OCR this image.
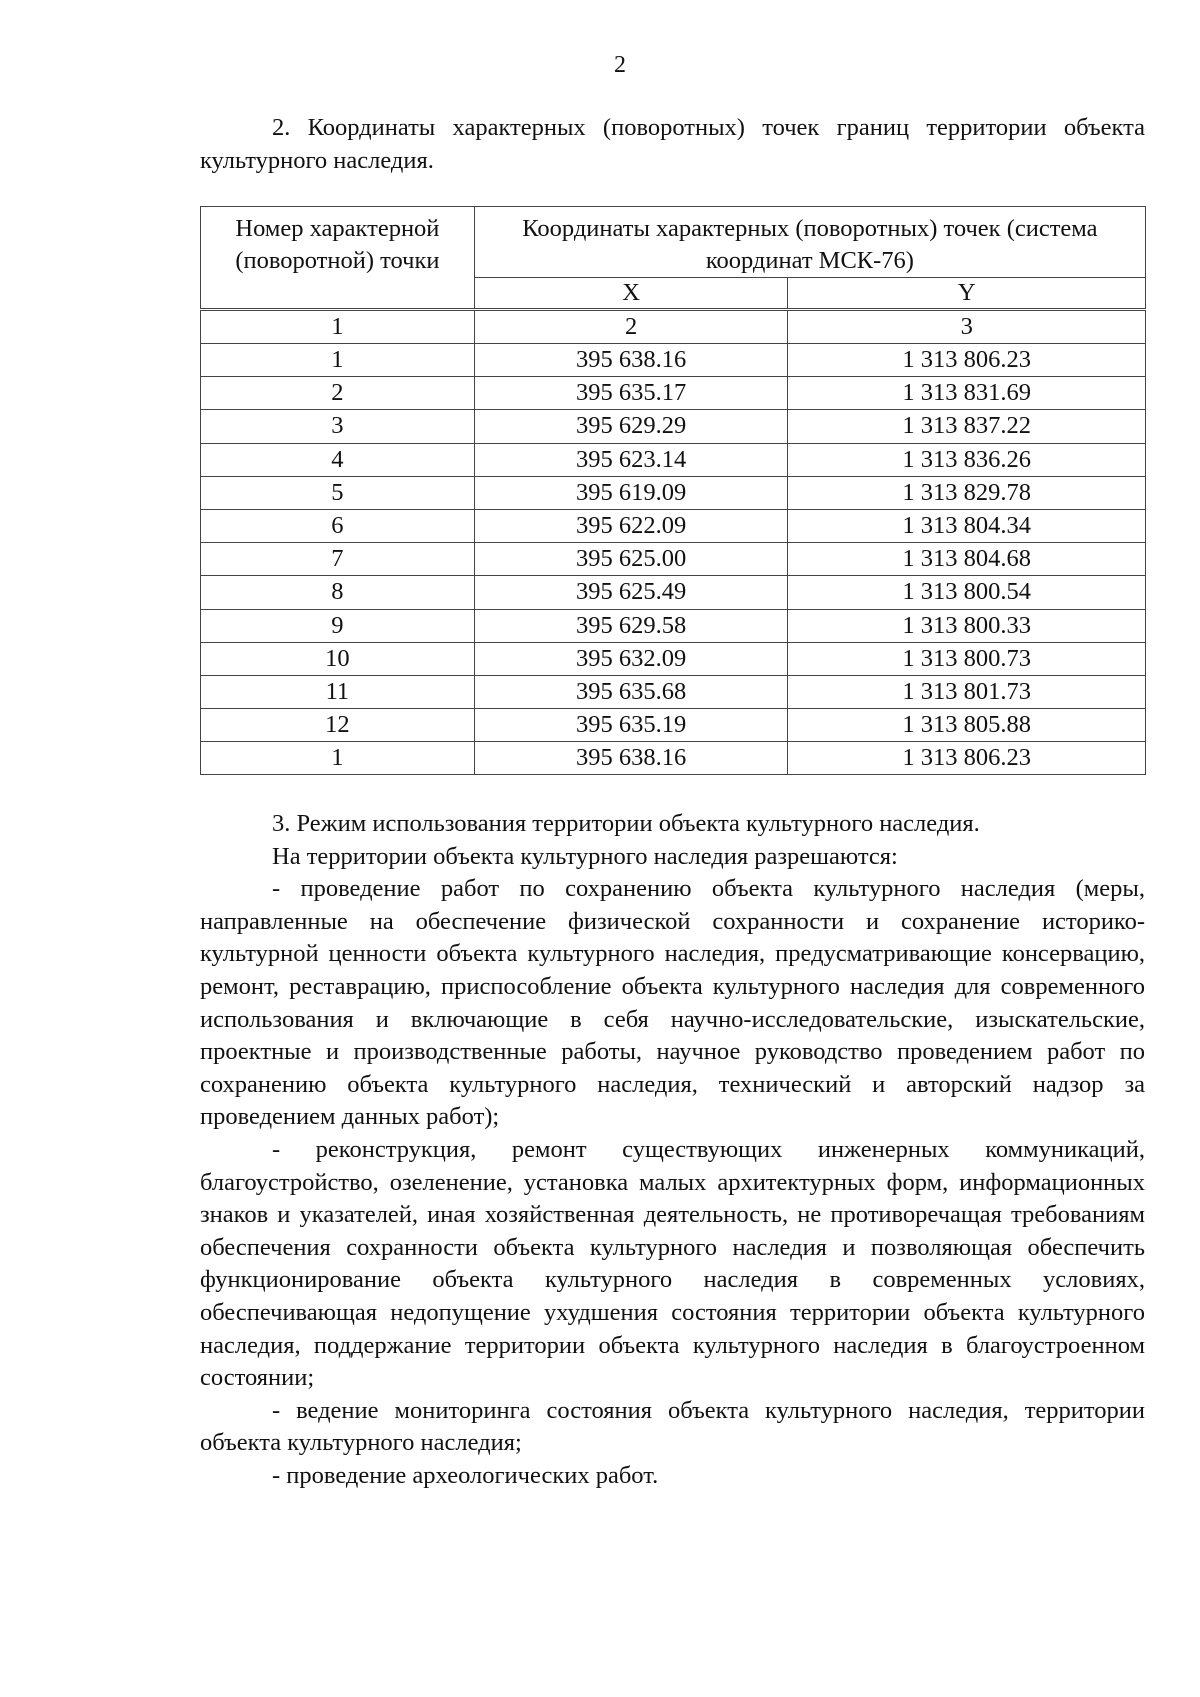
2

2. Координаты характерных (поворотных) точек границ территории объекта культурного наследия.

Номер характерной (поворотной) точки	Координаты характерных (поворотных) точек (система координат МСК-76)	
	X	Y
1	2	3
1	395 638.16	1 313 806.23
2	395 635.17	1 313 831.69
3	395 629.29	1 313 837.22
4	395 623.14	1 313 836.26
5	395 619.09	1 313 829.78
6	395 622.09	1 313 804.34
7	395 625.00	1 313 804.68
8	395 625.49	1 313 800.54
9	395 629.58	1 313 800.33
10	395 632.09	1 313 800.73
11	395 635.68	1 313 801.73
12	395 635.19	1 313 805.88
1	395 638.16	1 313 806.23

3. Режим использования территории объекта культурного наследия.

На территории объекта культурного наследия разрешаются:

- проведение работ по сохранению объекта культурного наследия (меры, направленные на обеспечение физической сохранности и сохранение историко-культурной ценности объекта культурного наследия, предусматривающие консервацию, ремонт, реставрацию, приспособление объекта культурного наследия для современного использования и включающие в себя научно-исследовательские, изыскательские, проектные и производственные работы, научное руководство проведением работ по сохранению объекта культурного наследия, технический и авторский надзор за проведением данных работ);

- реконструкция, ремонт существующих инженерных коммуникаций, благоустройство, озеленение, установка малых архитектурных форм, информационных знаков и указателей, иная хозяйственная деятельность, не противоречащая требованиям обеспечения сохранности объекта культурного наследия и позволяющая обеспечить функционирование объекта культурного наследия в современных условиях, обеспечивающая недопущение ухудшения состояния территории объекта культурного наследия, поддержание территории объекта культурного наследия в благоустроенном состоянии;

- ведение мониторинга состояния объекта культурного наследия, территории объекта культурного наследия;

- проведение археологических работ.
